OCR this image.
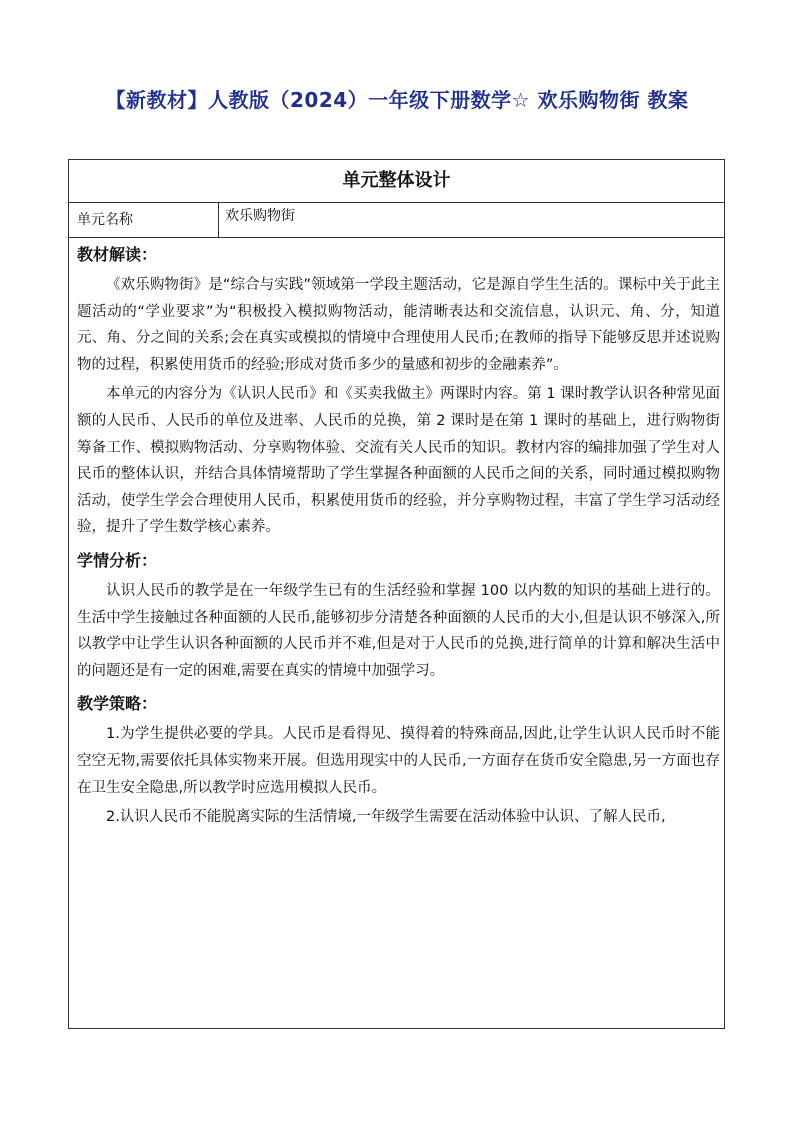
【新教材】人教版（2024）一年级下册数学☆ 欢乐购物街 教案
单元整体设计
单元名称	欢乐购物街

教材解读：

《欢乐购物街》是“综合与实践”领域第一学段主题活动，它是源自学生生活的。课标中关于此主题活动的“学业要求”为“积极投入模拟购物活动，能清晰表达和交流信息，认识元、角、分，知道元、角、分之间的关系;会在真实或模拟的情境中合理使用人民币;在教师的指导下能够反思并述说购物的过程，积累使用货币的经验;形成对货币多少的量感和初步的金融素养”。

本单元的内容分为《认识人民币》和《买卖我做主》两课时内容。第 1 课时教学认识各种常见面额的人民币、人民币的单位及进率、人民币的兑换，第 2 课时是在第 1 课时的基础上，进行购物街筹备工作、模拟购物活动、分享购物体验、交流有关人民币的知识。教材内容的编排加强了学生对人民币的整体认识，并结合具体情境帮助了学生掌握各种面额的人民币之间的关系，同时通过模拟购物活动，使学生学会合理使用人民币，积累使用货币的经验，并分享购物过程，丰富了学生学习活动经验，提升了学生数学核心素养。

学情分析：

认识人民币的教学是在一年级学生已有的生活经验和掌握 100 以内数的知识的基础上进行的。生活中学生接触过各种面额的人民币,能够初步分清楚各种面额的人民币的大小,但是认识不够深入,所以教学中让学生认识各种面额的人民币并不难,但是对于人民币的兑换,进行简单的计算和解决生活中的问题还是有一定的困难,需要在真实的情境中加强学习。

教学策略：

1.为学生提供必要的学具。人民币是看得见、摸得着的特殊商品,因此,让学生认识人民币时不能空空无物,需要依托具体实物来开展。但选用现实中的人民币,一方面存在货币安全隐患,另一方面也存在卫生安全隐患,所以教学时应选用模拟人民币。

2.认识人民币不能脱离实际的生活情境,一年级学生需要在活动体验中认识、了解人民币,
